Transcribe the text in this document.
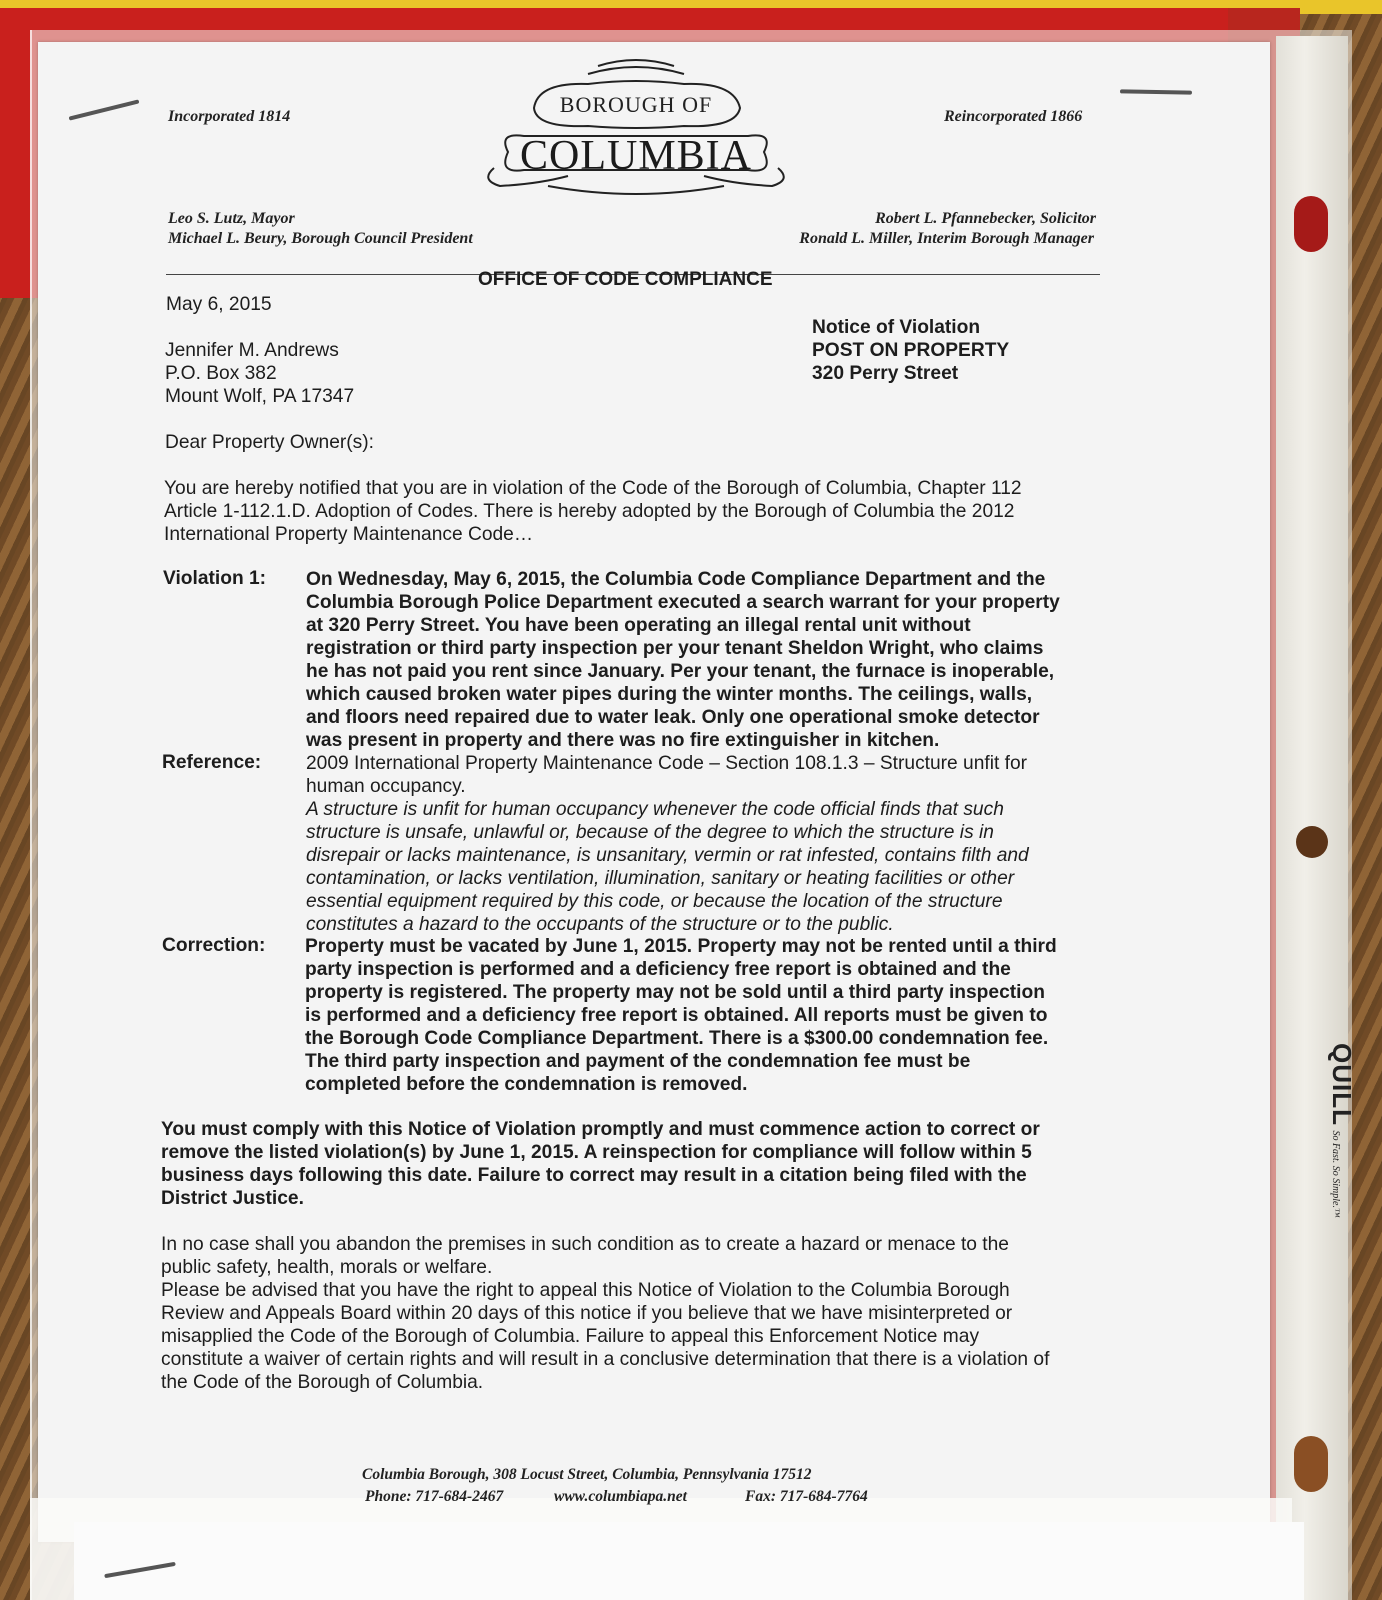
QUILL So Fast. So Simple.™
Incorporated 1814	Reincorporated 1866
BOROUGH OF
COLUMBIA
Leo S. Lutz, Mayor
Michael L. Beury, Borough Council President
Robert L. Pfannebecker, Solicitor
Ronald L. Miller, Interim Borough Manager
OFFICE OF CODE COMPLIANCE
May 6, 2015

Jennifer M. Andrews

P.O. Box 382

Mount Wolf, PA 17347

Notice of Violation

POST ON PROPERTY

320 Perry Street

Dear Property Owner(s):

You are hereby notified that you are in violation of the Code of the Borough of Columbia, Chapter 112

Article 1-112.1.D. Adoption of Codes. There is hereby adopted by the Borough of Columbia the 2012

International Property Maintenance Code…

Violation 1: On Wednesday, May 6, 2015, the Columbia Code Compliance Department and the

Columbia Borough Police Department executed a search warrant for your property

at 320 Perry Street. You have been operating an illegal rental unit without

registration or third party inspection per your tenant Sheldon Wright, who claims

he has not paid you rent since January. Per your tenant, the furnace is inoperable,

which caused broken water pipes during the winter months. The ceilings, walls,

and floors need repaired due to water leak. Only one operational smoke detector

was present in property and there was no fire extinguisher in kitchen.

Reference: 2009 International Property Maintenance Code – Section 108.1.3 – Structure unfit for

human occupancy.

A structure is unfit for human occupancy whenever the code official finds that such

structure is unsafe, unlawful or, because of the degree to which the structure is in

disrepair or lacks maintenance, is unsanitary, vermin or rat infested, contains filth and

contamination, or lacks ventilation, illumination, sanitary or heating facilities or other

essential equipment required by this code, or because the location of the structure

constitutes a hazard to the occupants of the structure or to the public.

Correction: Property must be vacated by June 1, 2015. Property may not be rented until a third

party inspection is performed and a deficiency free report is obtained and the

property is registered. The property may not be sold until a third party inspection

is performed and a deficiency free report is obtained. All reports must be given to

the Borough Code Compliance Department. There is a $300.00 condemnation fee.

The third party inspection and payment of the condemnation fee must be

completed before the condemnation is removed.

You must comply with this Notice of Violation promptly and must commence action to correct or

remove the listed violation(s) by June 1, 2015. A reinspection for compliance will follow within 5

business days following this date. Failure to correct may result in a citation being filed with the

District Justice.

In no case shall you abandon the premises in such condition as to create a hazard or menace to the

public safety, health, morals or welfare.

Please be advised that you have the right to appeal this Notice of Violation to the Columbia Borough

Review and Appeals Board within 20 days of this notice if you believe that we have misinterpreted or

misapplied the Code of the Borough of Columbia. Failure to appeal this Enforcement Notice may

constitute a waiver of certain rights and will result in a conclusive determination that there is a violation of

the Code of the Borough of Columbia.

Columbia Borough, 308 Locust Street, Columbia, Pennsylvania 17512
Phone: 717-684-2467	www.columbiapa.net	Fax: 717-684-7764
